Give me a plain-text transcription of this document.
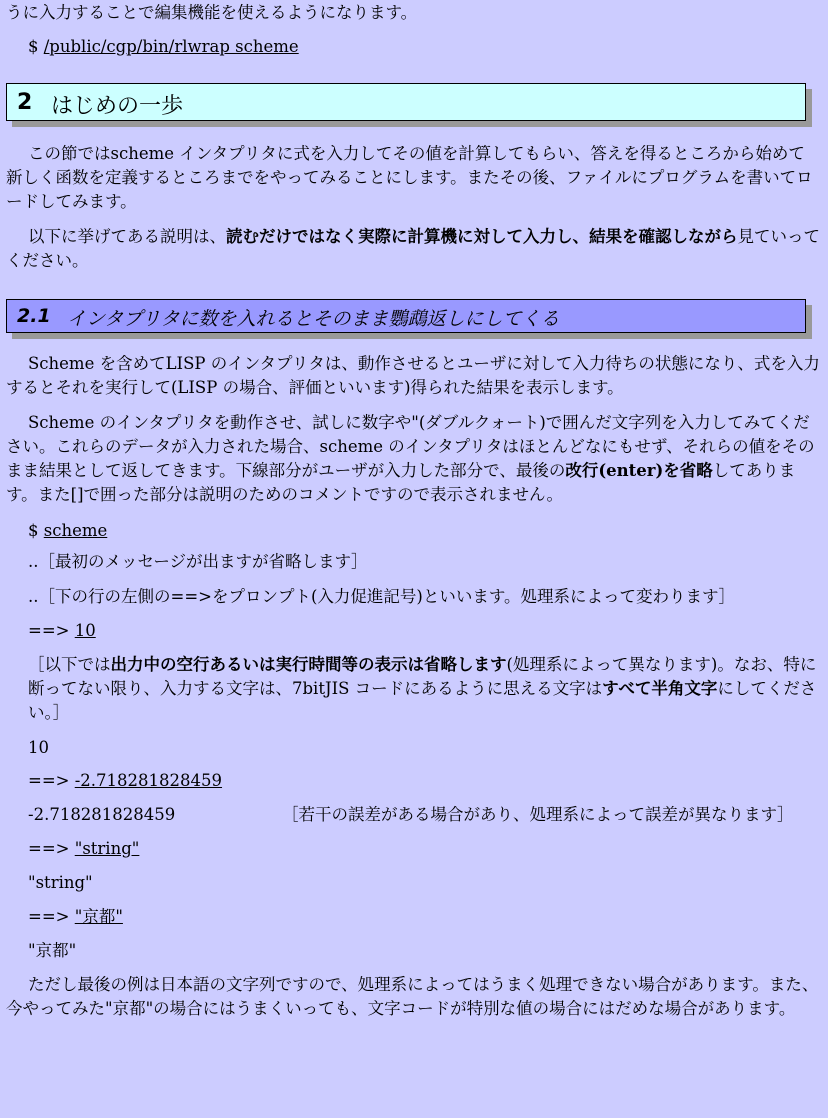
うに入力することで編集機能を使えるようになります。

$ /public/cgp/bin/rlwrap scheme
2 はじめの一歩

この節ではscheme インタプリタに式を入力してその値を計算してもらい、答えを得るところから始めて新しく函数を定義するところまでをやってみることにします。またその後、ファイルにプログラムを書いてロードしてみます。

以下に挙げてある説明は、読むだけではなく実際に計算機に対して入力し、結果を確認しながら見ていってください。

2.1 インタプリタに数を入れるとそのまま鸚鵡返しにしてくる

Scheme を含めてLISP のインタプリタは、動作させるとユーザに対して入力待ちの状態になり、式を入力するとそれを実行して(LISP の場合、評価といいます)得られた結果を表示します。

Scheme のインタプリタを動作させ、試しに数字や"(ダブルクォート)で囲んだ文字列を入力してみてください。これらのデータが入力された場合、scheme のインタプリタはほとんどなにもせず、それらの値をそのまま結果として返してきます。下線部分がユーザが入力した部分で、最後の改行(enter)を省略してあります。また[]で囲った部分は説明のためのコメントですので表示されません。

$ scheme
..［最初のメッセージが出ますが省略します］
..［下の行の左側の==>をプロンプト(入力促進記号)といいます。処理系によって変わります］
==> 10

［以下では出力中の空行あるいは実行時間等の表示は省略します(処理系によって異なります)。なお、特に断ってない限り、入力する文字は、7bitJIS コードにあるように思える文字はすべて半角文字にしてください。］

10
==> -2.718281828459
-2.718281828459	［若干の誤差がある場合があり、処理系によって誤差が異なります］
==> "string"
"string"
==> "京都"
"京都"

ただし最後の例は日本語の文字列ですので、処理系によってはうまく処理できない場合があります。また、今やってみた"京都"の場合にはうまくいっても、文字コードが特別な値の場合にはだめな場合があります。
